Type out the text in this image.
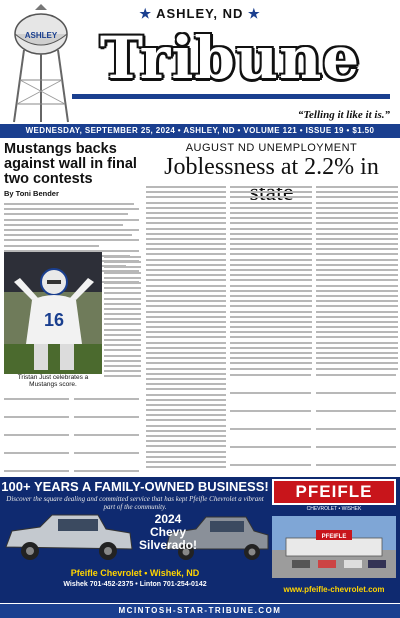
ASHLEY
★ ASHLEY, ND ★
Tribune
“Telling it like it is.”
WEDNESDAY, SEPTEMBER 25, 2024 • ASHLEY, ND • VOLUME 121 • ISSUE 19 • $1.50
Mustangs backs against wall in final two contests
By Toni Bender
16
Tristan Just celebrates a Mustangs score.

AUGUST ND UNEMPLOYMENT
Joblessness at 2.2% in

100+ YEARS A FAMILY-OWNED BUSINESS!
Discover the square dealing and committed service that has kept Pfeifle Chevrolet a vibrant part of the community.
2024 Chevy Silverado!
Pfeifle Chevrolet • Wishek, ND
Wishek 701-452-2375 • Linton 701-254-0142
PFEIFLE
CHEVROLET • WISHEK
PFEIFLE
www.pfeifle-chevrolet.com
MCINTOSH-STAR-TRIBUNE.COM
